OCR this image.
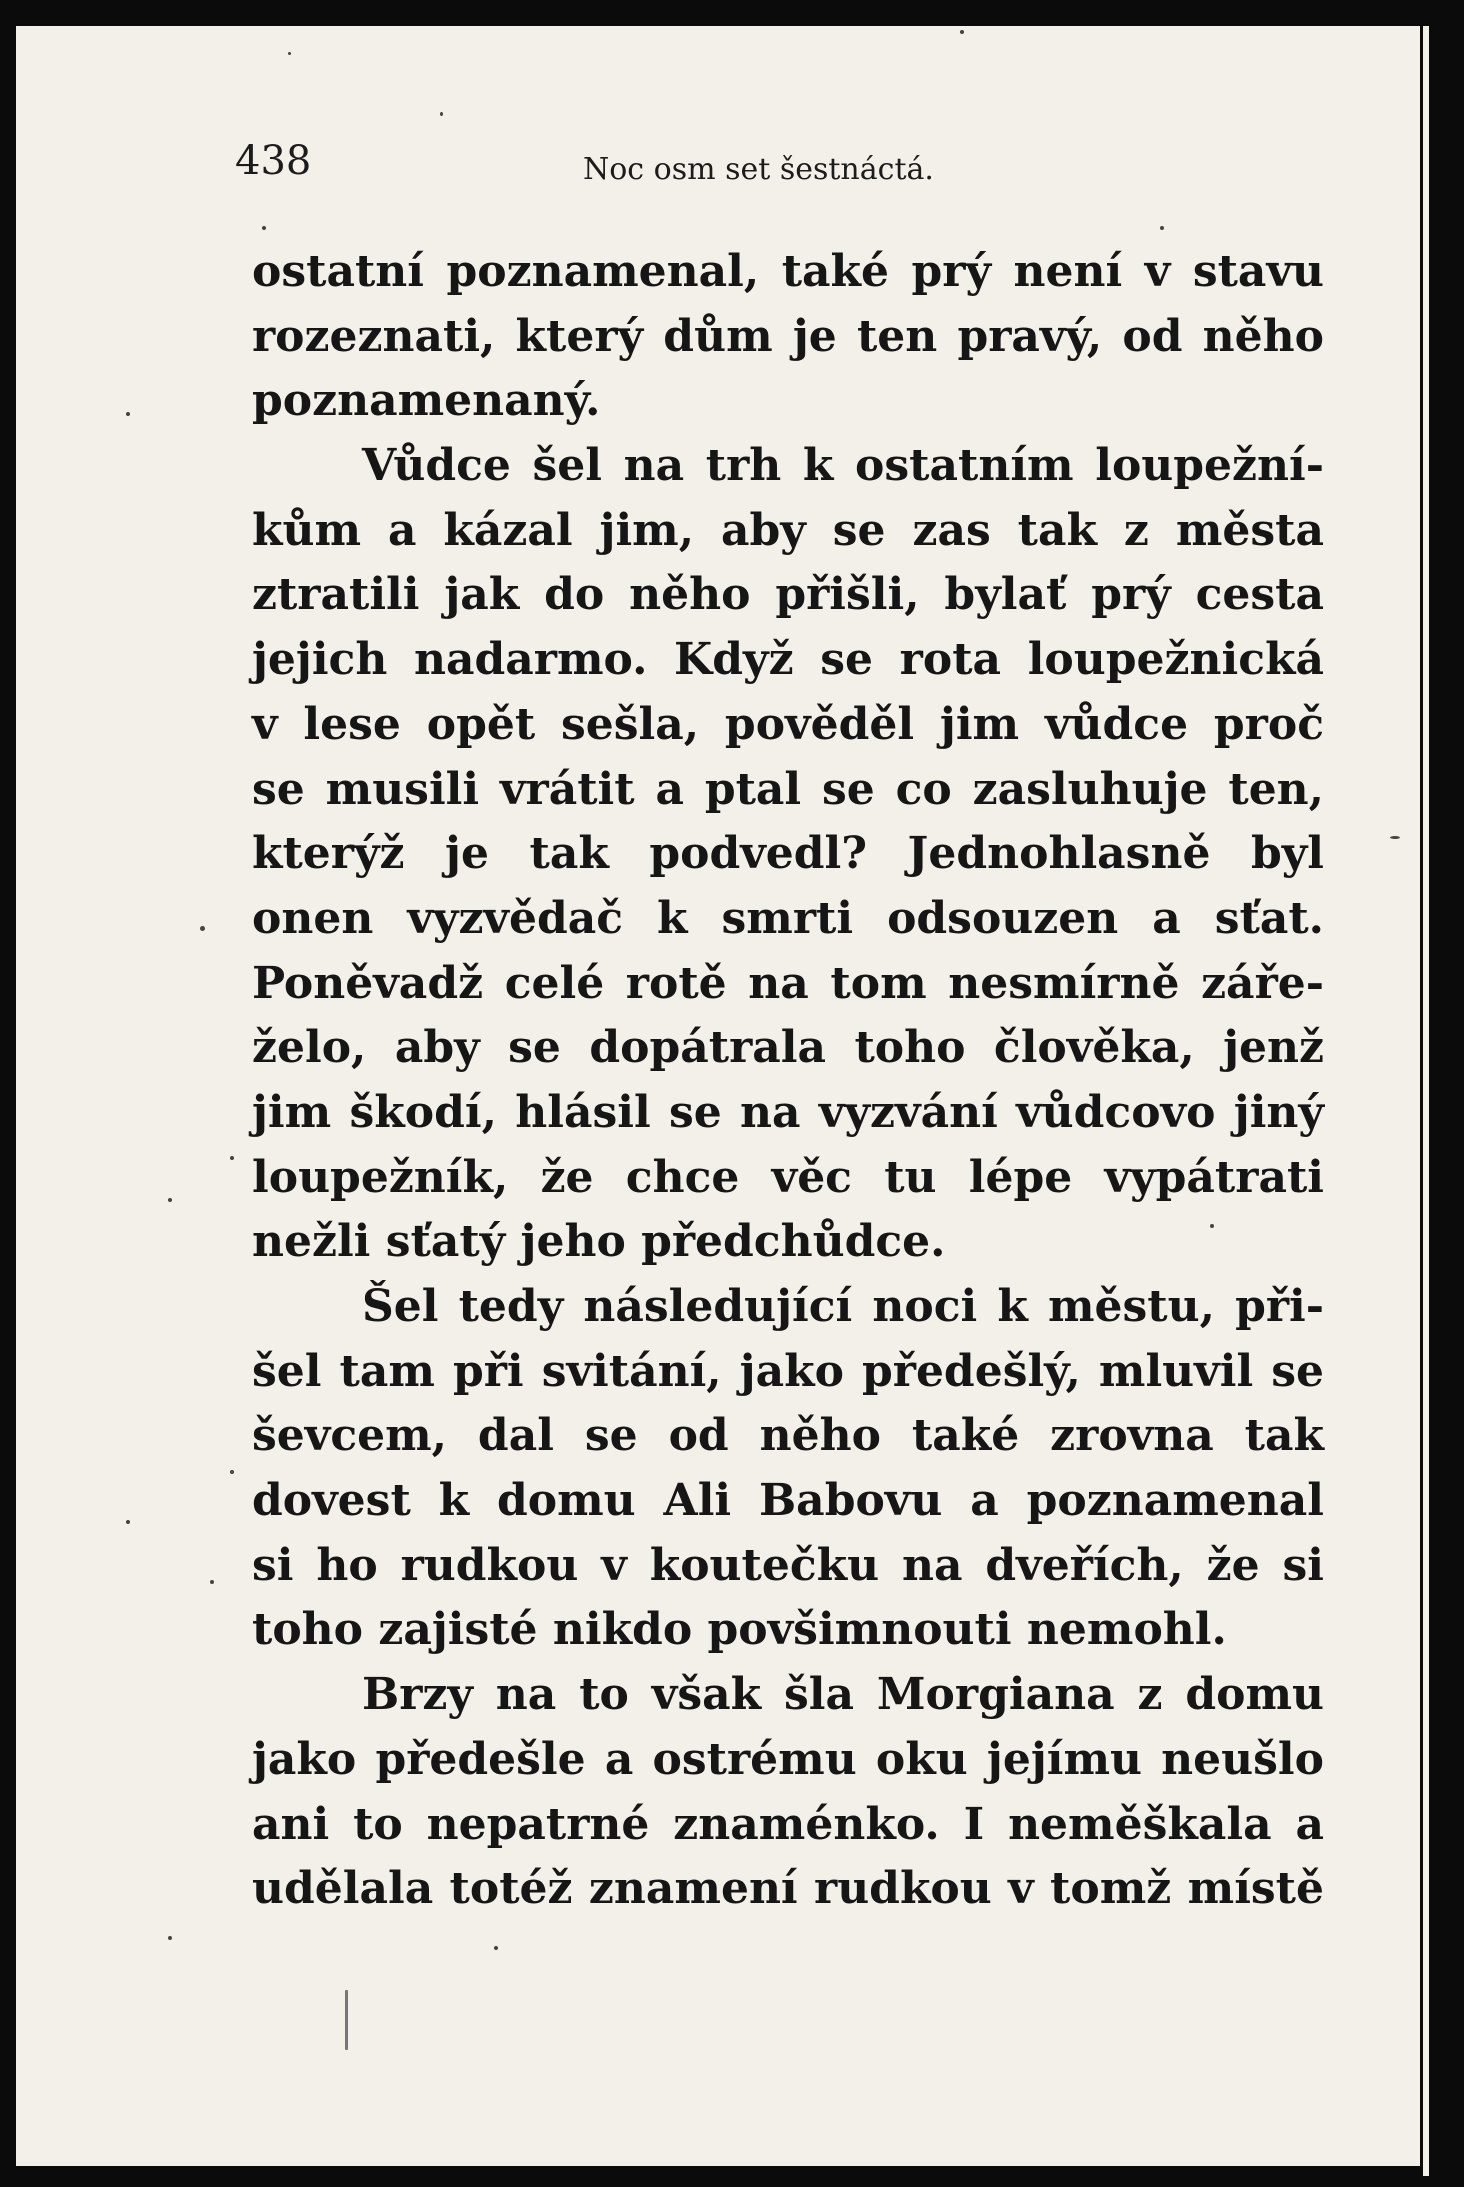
438	Noc osm set šestnáctá.
ostatní poznamenal, také prý není v stavu
rozeznati, který dům je ten pravý, od něho
poznamenaný.
Vůdce šel na trh k ostatním loupežní-
kům a kázal jim, aby se zas tak z města
ztratili jak do něho přišli, bylať prý cesta
jejich nadarmo. Když se rota loupežnická
v lese opět sešla, pověděl jim vůdce proč
se musili vrátit a ptal se co zasluhuje ten,
kterýž je tak podvedl? Jednohlasně byl
onen vyzvědač k smrti odsouzen a sťat.
Poněvadž celé rotě na tom nesmírně záře-
želo, aby se dopátrala toho člověka, jenž
jim škodí, hlásil se na vyzvání vůdcovo jiný
loupežník, že chce věc tu lépe vypátrati
nežli sťatý jeho předchůdce.
Šel tedy následující noci k městu, při-
šel tam při svitání, jako předešlý, mluvil se
ševcem, dal se od něho také zrovna tak
dovest k domu Ali Babovu a poznamenal
si ho rudkou v koutečku na dveřích, že si
toho zajisté nikdo povšimnouti nemohl.
Brzy na to však šla Morgiana z domu
jako předešle a ostrému oku jejímu neušlo
ani to nepatrné znaménko. I neměškala a
udělala totéž znamení rudkou v tomž místě
